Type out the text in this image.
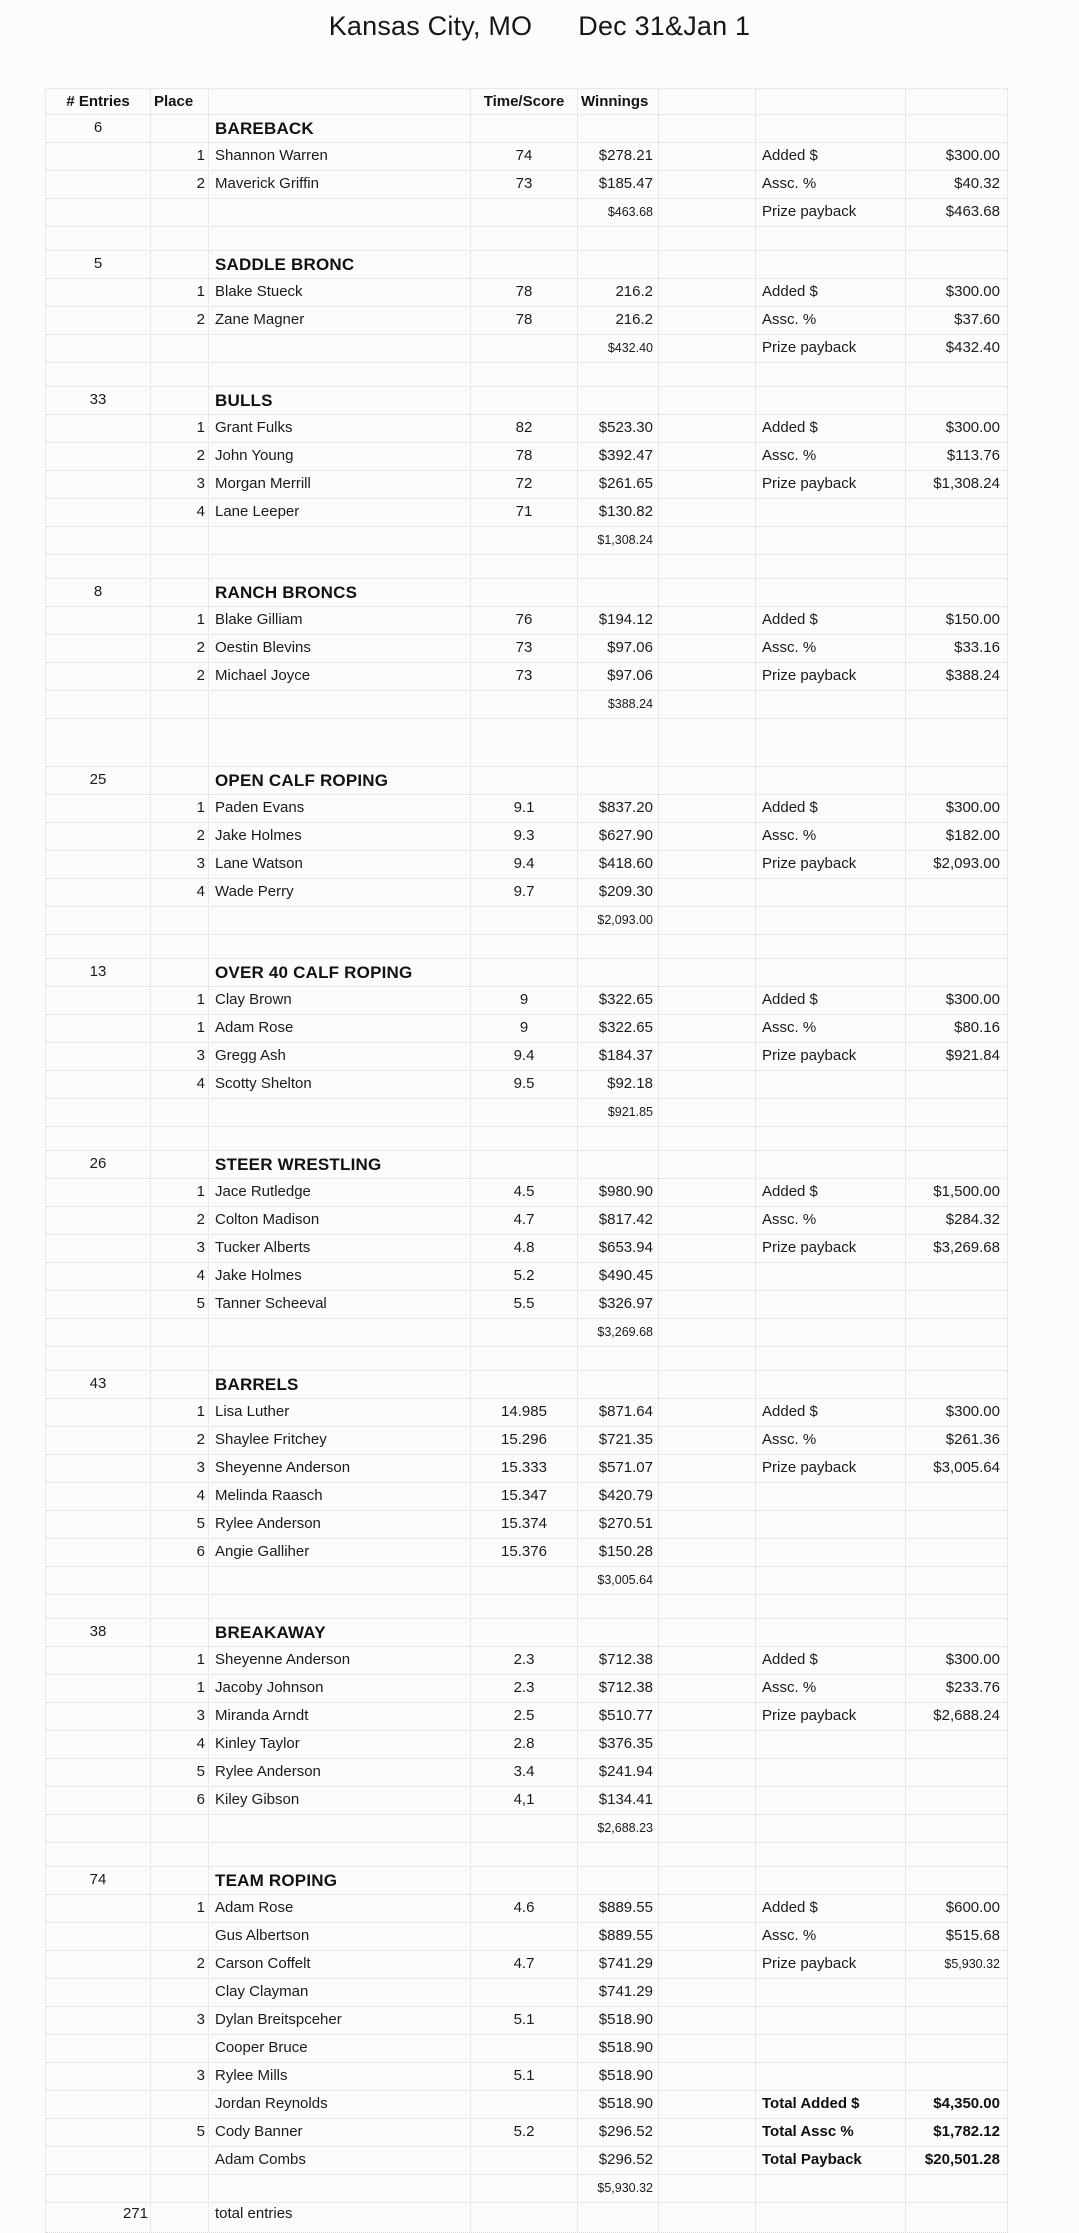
Kansas City, MO Dec 31&Jan 1
# Entries	Place	Time/Score	Winnings
6	BAREBACK
1 Shannon Warren	74	$278.21	Added $	$300.00
2 Maverick Griffin	73	$185.47	Assc. %	$40.32
$463.68	Prize payback	$463.68
5	SADDLE BRONC
1 Blake Stueck	78	216.2	Added $	$300.00
2 Zane Magner	78	216.2	Assc. %	$37.60
$432.40	Prize payback	$432.40
33	BULLS
1 Grant Fulks	82	$523.30	Added $	$300.00
2 John Young	78	$392.47	Assc. %	$113.76
3 Morgan Merrill	72	$261.65	Prize payback	$1,308.24
4 Lane Leeper	71	$130.82
$1,308.24
8	RANCH BRONCS
1 Blake Gilliam	76	$194.12	Added $	$150.00
2 Oestin Blevins	73	$97.06	Assc. %	$33.16
2 Michael Joyce	73	$97.06	Prize payback	$388.24
$388.24
25	OPEN CALF ROPING
1 Paden Evans	9.1	$837.20	Added $	$300.00
2 Jake Holmes	9.3	$627.90	Assc. %	$182.00
3 Lane Watson	9.4	$418.60	Prize payback	$2,093.00
4 Wade Perry	9.7	$209.30
$2,093.00
13	OVER 40 CALF ROPING
1 Clay Brown	9	$322.65	Added $	$300.00
1 Adam Rose	9	$322.65	Assc. %	$80.16
3 Gregg Ash	9.4	$184.37	Prize payback	$921.84
4 Scotty Shelton	9.5	$92.18
$921.85
26	STEER WRESTLING
1 Jace Rutledge	4.5	$980.90	Added $	$1,500.00
2 Colton Madison	4.7	$817.42	Assc. %	$284.32
3 Tucker Alberts	4.8	$653.94	Prize payback	$3,269.68
4 Jake Holmes	5.2	$490.45
5 Tanner Scheeval	5.5	$326.97
$3,269.68
43	BARRELS
1 Lisa Luther	14.985	$871.64	Added $	$300.00
2 Shaylee Fritchey	15.296	$721.35	Assc. %	$261.36
3 Sheyenne Anderson	15.333	$571.07	Prize payback	$3,005.64
4 Melinda Raasch	15.347	$420.79
5 Rylee Anderson	15.374	$270.51
6 Angie Galliher	15.376	$150.28
$3,005.64
38	BREAKAWAY
1 Sheyenne Anderson	2.3	$712.38	Added $	$300.00
1 Jacoby Johnson	2.3	$712.38	Assc. %	$233.76
3 Miranda Arndt	2.5	$510.77	Prize payback	$2,688.24
4 Kinley Taylor	2.8	$376.35
5 Rylee Anderson	3.4	$241.94
6 Kiley Gibson	4,1	$134.41
$2,688.23
74	TEAM ROPING
1 Adam Rose	4.6	$889.55	Added $	$600.00
Gus Albertson	$889.55	Assc. %	$515.68
2 Carson Coffelt	4.7	$741.29	Prize payback	$5,930.32
Clay Clayman	$741.29
3 Dylan Breitspceher	5.1	$518.90
Cooper Bruce	$518.90
3 Rylee Mills	5.1	$518.90
Jordan Reynolds	$518.90	Total Added $	$4,350.00
5 Cody Banner	5.2	$296.52	Total Assc %	$1,782.12
Adam Combs	$296.52	Total Payback	$20,501.28
$5,930.32
271	total entries
